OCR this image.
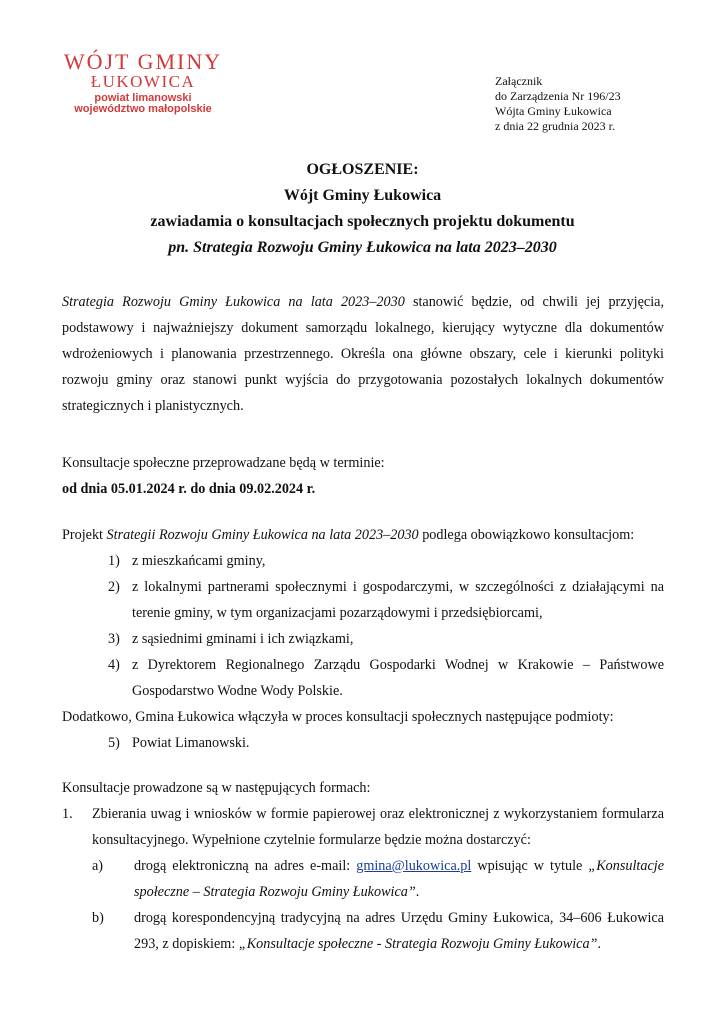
WÓJT GMINY
ŁUKOWICA
powiat limanowski
województwo małopolskie
Załącznik
do Zarządzenia Nr 196/23
Wójta Gminy Łukowica
z dnia 22 grudnia 2023 r.
OGŁOSZENIE:
Wójt Gminy Łukowica
zawiadamia o konsultacjach społecznych projektu dokumentu
pn. Strategia Rozwoju Gminy Łukowica na lata 2023–2030
Strategia Rozwoju Gminy Łukowica na lata 2023–2030 stanowić będzie, od chwili jej przyjęcia, podstawowy i najważniejszy dokument samorządu lokalnego, kierujący wytyczne dla dokumentów wdrożeniowych i planowania przestrzennego. Określa ona główne obszary, cele i kierunki polityki rozwoju gminy oraz stanowi punkt wyjścia do przygotowania pozostałych lokalnych dokumentów strategicznych i planistycznych.
Konsultacje społeczne przeprowadzane będą w terminie:
od dnia 05.01.2024 r. do dnia 09.02.2024 r.
Projekt Strategii Rozwoju Gminy Łukowica na lata 2023–2030 podlega obowiązkowo konsultacjom:
1) z mieszkańcami gminy,
2) z lokalnymi partnerami społecznymi i gospodarczymi, w szczególności z działającymi na terenie gminy, w tym organizacjami pozarządowymi i przedsiębiorcami,
3) z sąsiednimi gminami i ich związkami,
4) z Dyrektorem Regionalnego Zarządu Gospodarki Wodnej w Krakowie – Państwowe Gospodarstwo Wodne Wody Polskie.
Dodatkowo, Gmina Łukowica włączyła w proces konsultacji społecznych następujące podmioty:
5) Powiat Limanowski.
Konsultacje prowadzone są w następujących formach:
1.	Zbierania uwag i wniosków w formie papierowej oraz elektronicznej z wykorzystaniem formularza konsultacyjnego. Wypełnione czytelnie formularze będzie można dostarczyć:
a)	drogą elektroniczną na adres e-mail: gmina@lukowica.pl wpisując w tytule „Konsultacje społeczne – Strategia Rozwoju Gminy Łukowica”.
b)	drogą korespondencyjną tradycyjną na adres Urzędu Gminy Łukowica, 34–606 Łukowica 293, z dopiskiem: „Konsultacje społeczne - Strategia Rozwoju Gminy Łukowica”.
